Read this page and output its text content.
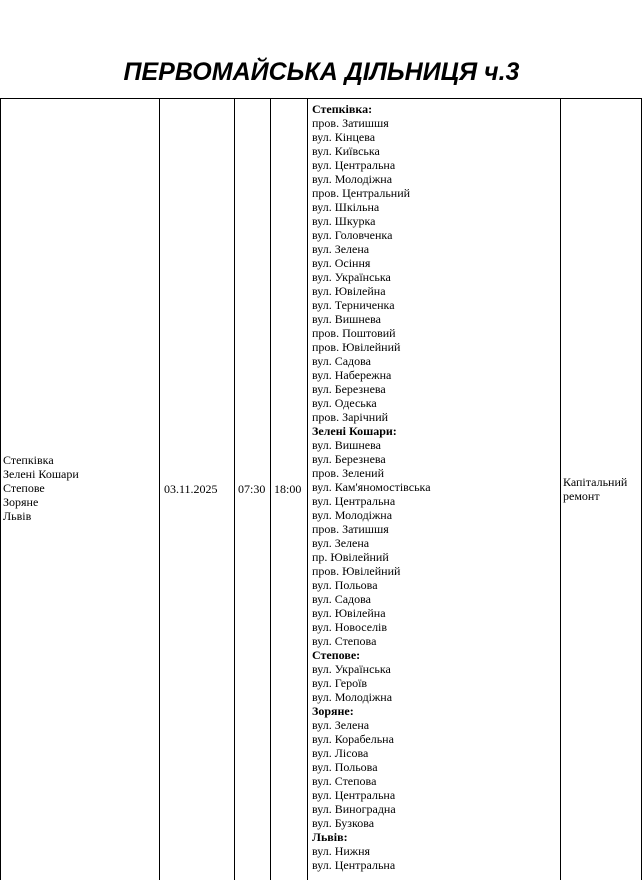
ПЕРВОМАЙСЬКА ДІЛЬНИЦЯ ч.3
Степківка
Зелені Кошари
Степове
Зоряне
Львів
03.11.2025 07:30 18:00	Капітальний ремонт
Степківка:
пров. Затишшя
вул. Кінцева
вул. Київська
вул. Центральна
вул. Молодіжна
пров. Центральний
вул. Шкільна
вул. Шкурка
вул. Головченка
вул. Зелена
вул. Осіння
вул. Українська
вул. Ювілейна
вул. Терниченка
вул. Вишнева
пров. Поштовий
пров. Ювілейний
вул. Садова
вул. Набережна
вул. Березнева
вул. Одеська
пров. Зарічний
Зелені Кошари:
вул. Вишнева
вул. Березнева
пров. Зелений
вул. Кам'яномостівська
вул. Центральна
вул. Молодіжна
пров. Затишшя
вул. Зелена
пр. Ювілейний
пров. Ювілейний
вул. Польова
вул. Садова
вул. Ювілейна
вул. Новоселів
вул. Степова
Степове:
вул. Українська
вул. Героїв
вул. Молодіжна
Зоряне:
вул. Зелена
вул. Корабельна
вул. Лісова
вул. Польова
вул. Степова
вул. Центральна
вул. Виноградна
вул. Бузкова
Львів:
вул. Нижня
вул. Центральна
